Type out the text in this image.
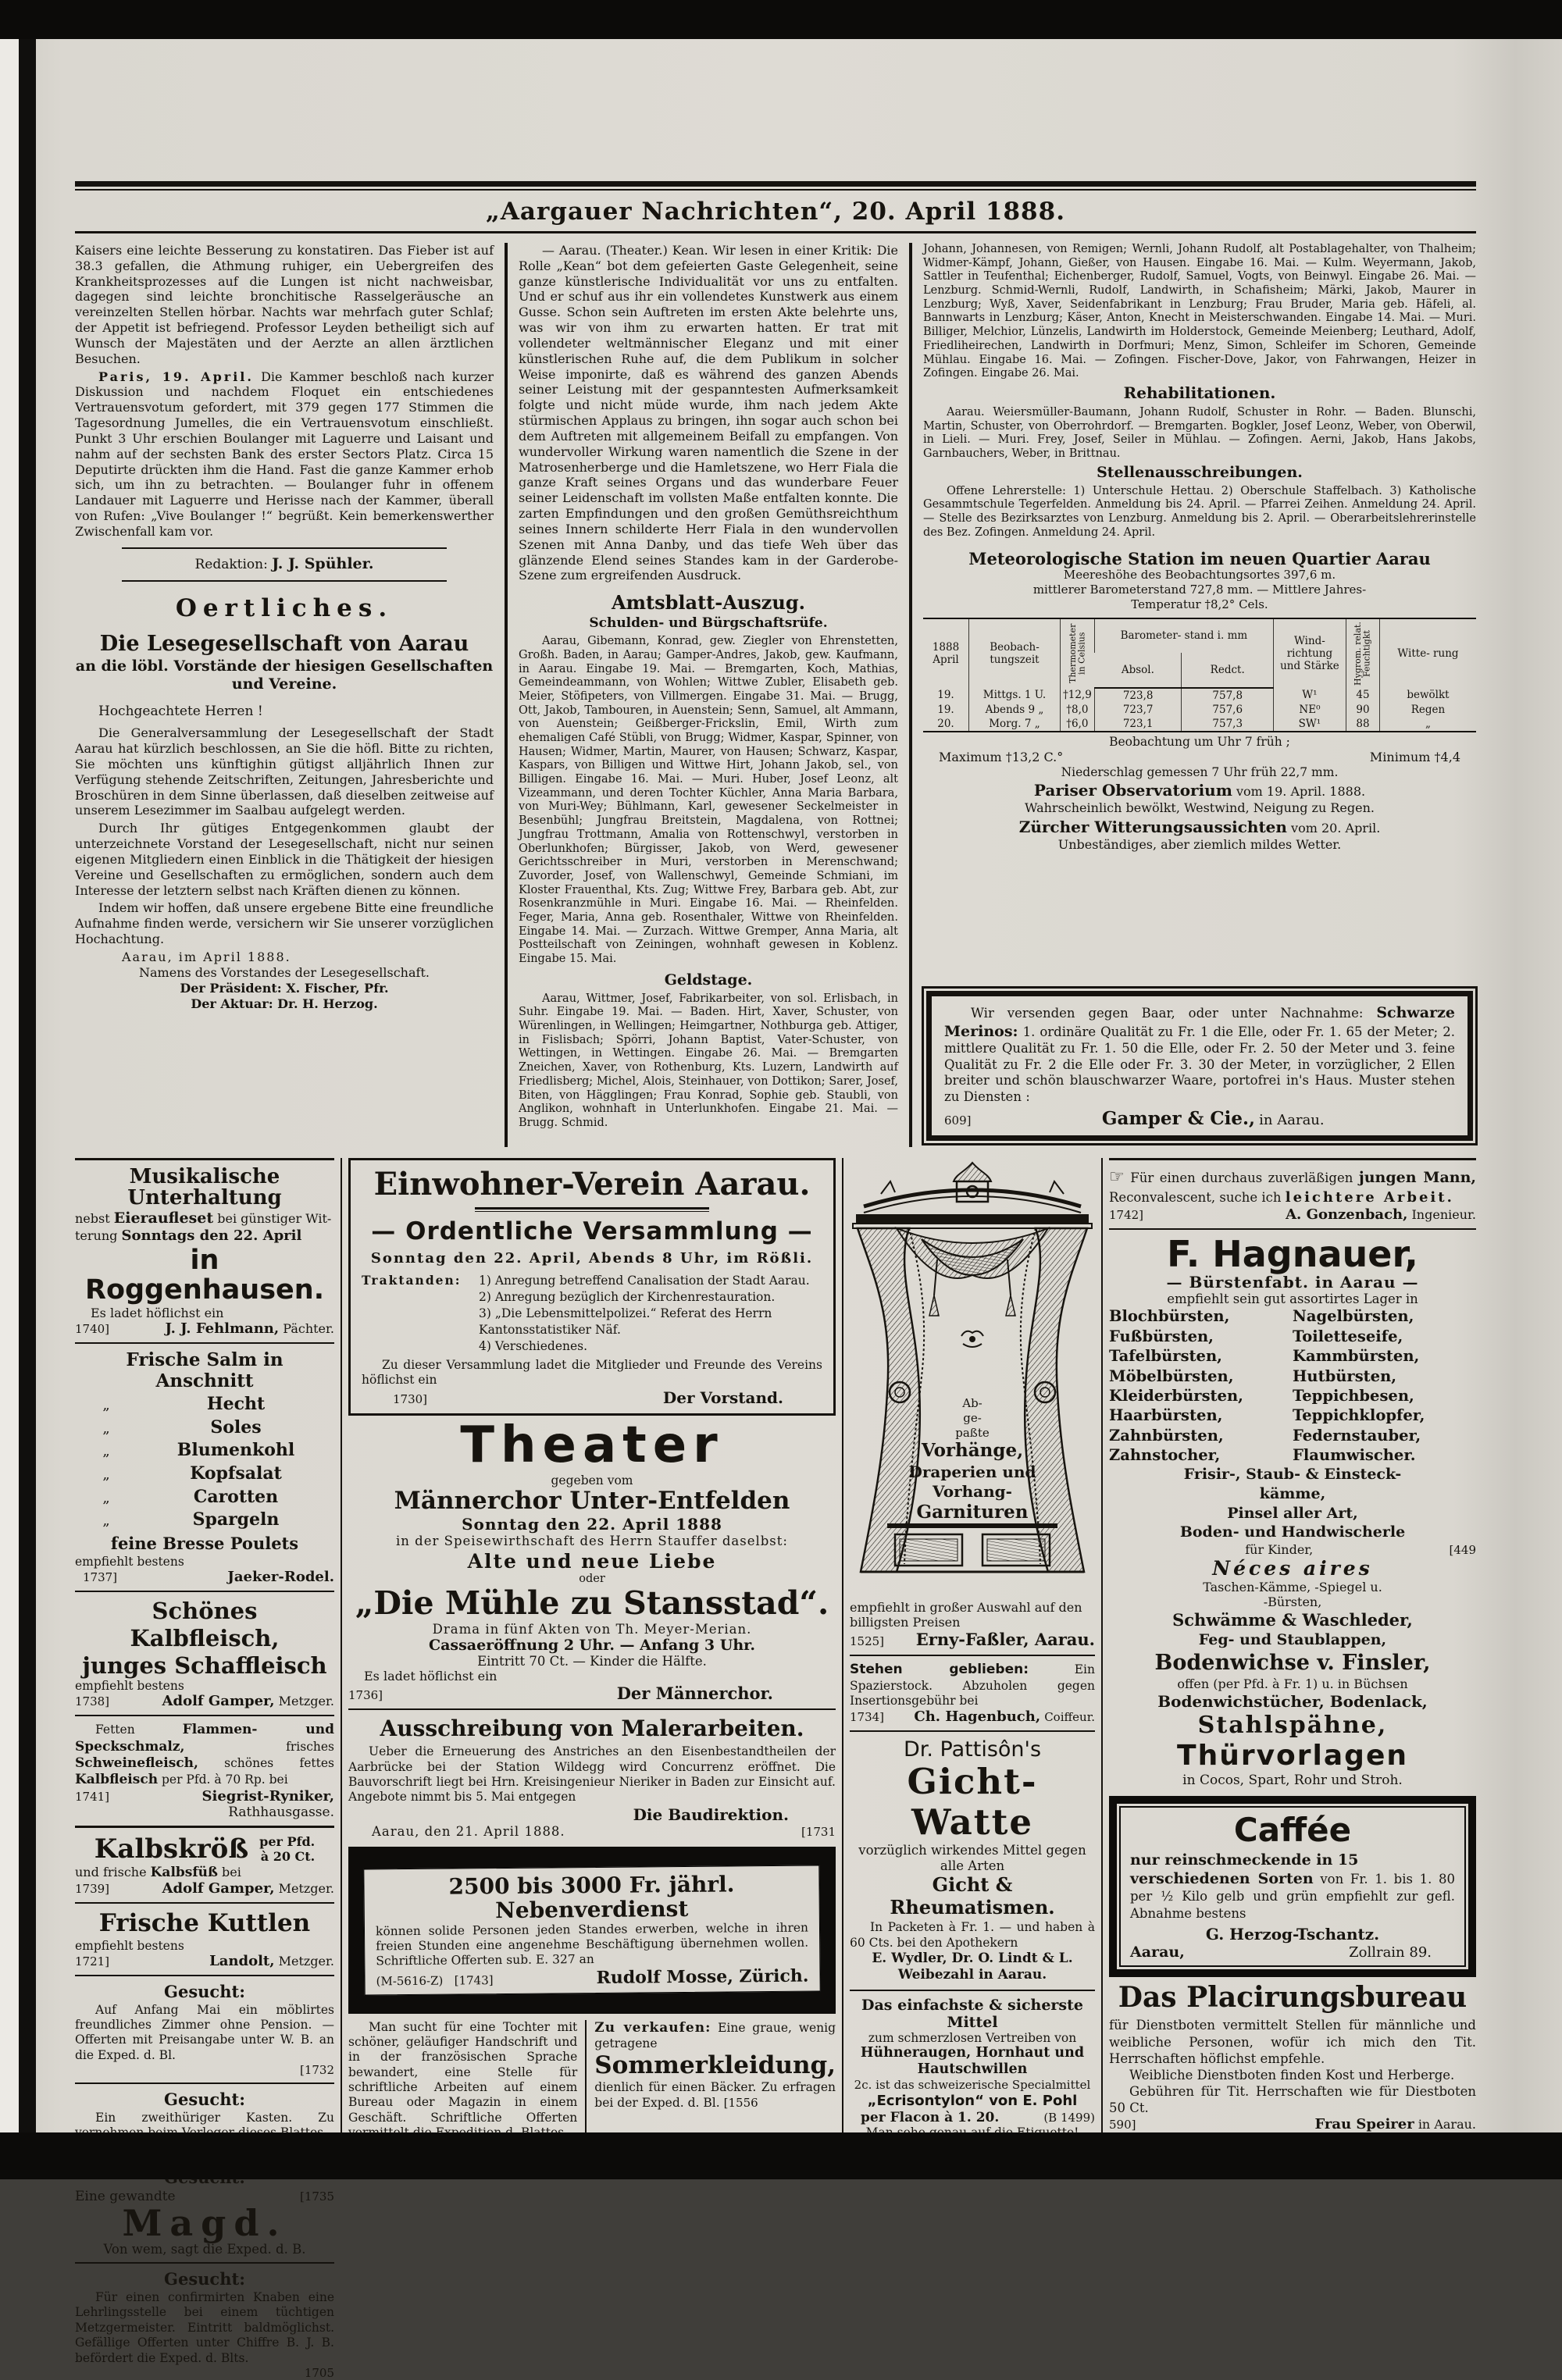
„Aargauer Nachrichten“, 20. April 1888.

Kaisers eine leichte Besserung zu konstatiren. Das Fieber ist auf 38.3 gefallen, die Athmung ruhiger, ein Uebergreifen des Krankheitsprozesses auf die Lungen ist nicht nachweisbar, dagegen sind leichte bronchitische Rasselgeräusche an vereinzelten Stellen hörbar. Nachts war mehrfach guter Schlaf; der Appetit ist befriegend. Professor Leyden betheiligt sich auf Wunsch der Majestäten und der Aerzte an allen ärztlichen Besuchen.

Paris, 19. April. Die Kammer beschloß nach kurzer Diskussion und nachdem Floquet ein entschiedenes Vertrauensvotum gefordert, mit 379 gegen 177 Stimmen die Tagesordnung Jumelles, die ein Vertrauensvotum einschließt. Punkt 3 Uhr erschien Boulanger mit Laguerre und Laisant und nahm auf der sechsten Bank des erster Sectors Platz. Circa 15 Deputirte drückten ihm die Hand. Fast die ganze Kammer erhob sich, um ihn zu betrachten. — Boulanger fuhr in offenem Landauer mit Laguerre und Herisse nach der Kammer, überall von Rufen: „Vive Boulanger !“ begrüßt. Kein bemerkenswerther Zwischenfall kam vor.

Redaktion: J. J. Spühler.
Oertliches.
Die Lesegesellschaft von Aarau
an die löbl. Vorstände der hiesigen Gesellschaften
und Vereine.
Hochgeachtete Herren !

Die Generalversammlung der Lesegesellschaft der Stadt Aarau hat kürzlich beschlossen, an Sie die höfl. Bitte zu richten, Sie möchten uns künftighin gütigst alljährlich Ihnen zur Verfügung stehende Zeitschriften, Zeitungen, Jahresberichte und Broschüren in dem Sinne überlassen, daß dieselben zeitweise auf unserem Lesezimmer im Saalbau aufgelegt werden.

Durch Ihr gütiges Entgegenkommen glaubt der unterzeichnete Vorstand der Lesegesellschaft, nicht nur seinen eigenen Mitgliedern einen Einblick in die Thätigkeit der hiesigen Vereine und Gesellschaften zu ermöglichen, sondern auch dem Interesse der letztern selbst nach Kräften dienen zu können.

Indem wir hoffen, daß unsere ergebene Bitte eine freundliche Aufnahme finden werde, versichern wir Sie unserer vorzüglichen Hochachtung.

Aarau, im April 1888.
Namens des Vorstandes der Lesegesellschaft.
Der Präsident: X. Fischer, Pfr.
Der Aktuar: Dr. H. Herzog.

— Aarau. (Theater.) Kean. Wir lesen in einer Kritik: Die Rolle „Kean“ bot dem gefeierten Gaste Gelegenheit, seine ganze künstlerische Individualität vor uns zu entfalten. Und er schuf aus ihr ein vollendetes Kunstwerk aus einem Gusse. Schon sein Auftreten im ersten Akte belehrte uns, was wir von ihm zu erwarten hatten. Er trat mit vollendeter weltmännischer Eleganz und mit einer künstlerischen Ruhe auf, die dem Publikum in solcher Weise imponirte, daß es während des ganzen Abends seiner Leistung mit der gespanntesten Aufmerksamkeit folgte und nicht müde wurde, ihm nach jedem Akte stürmischen Applaus zu bringen, ihn sogar auch schon bei dem Auftreten mit allgemeinem Beifall zu empfangen. Von wundervoller Wirkung waren namentlich die Szene in der Matrosenherberge und die Hamletszene, wo Herr Fiala die ganze Kraft seines Organs und das wunderbare Feuer seiner Leidenschaft im vollsten Maße entfalten konnte. Die zarten Empfindungen und den großen Gemüthsreichthum seines Innern schilderte Herr Fiala in den wundervollen Szenen mit Anna Danby, und das tiefe Weh über das glänzende Elend seines Standes kam in der Garderobe-Szene zum ergreifenden Ausdruck.

Amtsblatt-Auszug.
Schulden- und Bürgschaftsrüfe.

Aarau, Gibemann, Konrad, gew. Ziegler von Ehrenstetten, Großh. Baden, in Aarau; Gamper-Andres, Jakob, gew. Kaufmann, in Aarau. Eingabe 19. Mai. — Bremgarten, Koch, Mathias, Gemeindeammann, von Wohlen; Wittwe Zubler, Elisabeth geb. Meier, Stöfipeters, von Villmergen. Eingabe 31. Mai. — Brugg, Ott, Jakob, Tambouren, in Auenstein; Senn, Samuel, alt Ammann, von Auenstein; Geißberger-Frickslin, Emil, Wirth zum ehemaligen Café Stübli, von Brugg; Widmer, Kaspar, Spinner, von Hausen; Widmer, Martin, Maurer, von Hausen; Schwarz, Kaspar, Kaspars, von Billigen und Wittwe Hirt, Johann Jakob, sel., von Billigen. Eingabe 16. Mai. — Muri. Huber, Josef Leonz, alt Vizeammann, und deren Tochter Küchler, Anna Maria Barbara, von Muri-Wey; Bühlmann, Karl, gewesener Seckelmeister in Besenbühl; Jungfrau Breitstein, Magdalena, von Rottnei; Jungfrau Trottmann, Amalia von Rottenschwyl, verstorben in Oberlunkhofen; Bürgisser, Jakob, von Werd, gewesener Gerichtsschreiber in Muri, verstorben in Merenschwand; Zuvorder, Josef, von Wallenschwyl, Gemeinde Schmiani, im Kloster Frauenthal, Kts. Zug; Wittwe Frey, Barbara geb. Abt, zur Rosenkranzmühle in Muri. Eingabe 16. Mai. — Rheinfelden. Feger, Maria, Anna geb. Rosenthaler, Wittwe von Rheinfelden. Eingabe 14. Mai. — Zurzach. Wittwe Gremper, Anna Maria, alt Postteilschaft von Zeiningen, wohnhaft gewesen in Koblenz. Eingabe 15. Mai.

Geldstage.

Aarau, Wittmer, Josef, Fabrikarbeiter, von sol. Erlisbach, in Suhr. Eingabe 19. Mai. — Baden. Hirt, Xaver, Schuster, von Würenlingen, in Wellingen; Heimgartner, Nothburga geb. Attiger, in Fislisbach; Spörri, Johann Baptist, Vater-Schuster, von Wettingen, in Wettingen. Eingabe 26. Mai. — Bremgarten Zneichen, Xaver, von Rothenburg, Kts. Luzern, Landwirth auf Friedlisberg; Michel, Alois, Steinhauer, von Dottikon; Sarer, Josef, Biten, von Hägglingen; Frau Konrad, Sophie geb. Staubli, von Anglikon, wohnhaft in Unterlunkhofen. Eingabe 21. Mai. — Brugg. Schmid.

Johann, Johannesen, von Remigen; Wernli, Johann Rudolf, alt Postablagehalter, von Thalheim; Widmer-Kämpf, Johann, Gießer, von Hausen. Eingabe 16. Mai. — Kulm. Weyermann, Jakob, Sattler in Teufenthal; Eichenberger, Rudolf, Samuel, Vogts, von Beinwyl. Eingabe 26. Mai. — Lenzburg. Schmid-Wernli, Rudolf, Landwirth, in Schafisheim; Märki, Jakob, Maurer in Lenzburg; Wyß, Xaver, Seidenfabrikant in Lenzburg; Frau Bruder, Maria geb. Häfeli, al. Bannwarts in Lenzburg; Käser, Anton, Knecht in Meisterschwanden. Eingabe 14. Mai. — Muri. Billiger, Melchior, Lünzelis, Landwirth im Holderstock, Gemeinde Meienberg; Leuthard, Adolf, Friedliheirechen, Landwirth in Dorfmuri; Menz, Simon, Schleifer im Schoren, Gemeinde Mühlau. Eingabe 16. Mai. — Zofingen. Fischer-Dove, Jakor, von Fahrwangen, Heizer in Zofingen. Eingabe 26. Mai.

Rehabilitationen.

Aarau. Weiersmüller-Baumann, Johann Rudolf, Schuster in Rohr. — Baden. Blunschi, Martin, Schuster, von Oberrohrdorf. — Bremgarten. Bogkler, Josef Leonz, Weber, von Oberwil, in Lieli. — Muri. Frey, Josef, Seiler in Mühlau. — Zofingen. Aerni, Jakob, Hans Jakobs, Garnbauchers, Weber, in Brittnau.

Stellenausschreibungen.

Offene Lehrerstelle: 1) Unterschule Hettau. 2) Oberschule Staffelbach. 3) Katholische Gesammtschule Tegerfelden. Anmeldung bis 24. April. — Pfarrei Zeihen. Anmeldung 24. April. — Stelle des Bezirksarztes von Lenzburg. Anmeldung bis 2. April. — Oberarbeitslehrerinstelle des Bez. Zofingen. Anmeldung 24. April.

Meteorologische Station im neuen Quartier Aarau
Meereshöhe des Beobachtungsortes 397,6 m.
mittlerer Barometerstand 727,8 mm. — Mittlere Jahres-
Temperatur †8,2° Cels.
1888
April	Beobach- tungszeit	Thermometer in Celsius	Barometer- stand i. mm		Wind- richtung und Stärke	Hygrom. relat. Feuchtigkt	Witte- rung
			Absol.	Redct.			
19.	Mittgs. 1 U.	†12,9	723,8	757,8	W¹	45	bewölkt
19.	Abends 9 „	†8,0	723,7	757,6	NE⁰	90	Regen
20.	Morg. 7 „	†6,0	723,1	757,3	SW¹	88	„
Beobachtung um Uhr 7 früh ;
Maximum †13,2 C.°	Minimum †4,4
Niederschlag gemessen 7 Uhr früh 22,7 mm.
Pariser Observatorium vom 19. April. 1888.
Wahrscheinlich bewölkt, Westwind, Neigung zu Regen.
Zürcher Witterungsaussichten vom 20. April.
Unbeständiges, aber ziemlich mildes Wetter.

Wir versenden gegen Baar, oder unter Nachnahme: Schwarze Merinos: 1. ordinäre Qualität zu Fr. 1 die Elle, oder Fr. 1. 65 der Meter; 2. mittlere Qualität zu Fr. 1. 50 die Elle, oder Fr. 2. 50 der Meter und 3. feine Qualität zu Fr. 2 die Elle oder Fr. 3. 30 der Meter, in vorzüglicher, 2 Ellen breiter und schön blauschwarzer Waare, portofrei in's Haus. Muster stehen zu Diensten :

609]	Gamper & Cie., in Aarau.
Musikalische Unterhaltung
nebst Eieraufleset bei günstiger Wit-
terung Sonntags den 22. April
in Roggenhausen.
Es ladet höflichst ein
1740]	J. J. Fehlmann, Pächter.
Frische Salm in Anschnitt
„	Hecht
„	Soles
„	Blumenkohl
„	Kopfsalat
„	Carotten
„	Spargeln
feine Bresse Poulets
empfiehlt bestens
1737]	Jaeker-Rodel.
Schönes Kalbfleisch,
junges Schaffleisch
empfiehlt bestens
1738]	Adolf Gamper, Metzger.

Fetten Flammen- und Speckschmalz, frisches Schweinefleisch, schönes fettes Kalbfleisch per Pfd. à 70 Rp. bei

1741]	Siegrist-Ryniker,
Rathhausgasse.
Kalbskröß per Pfd.
à 20 Ct.
und frische Kalbsfüß bei
1739]	Adolf Gamper, Metzger.
Frische Kuttlen
empfiehlt bestens
1721]	Landolt, Metzger.
Gesucht:

Auf Anfang Mai ein möblirtes freundliches Zimmer ohne Pension. — Offerten mit Preisangabe unter W. B. an die Exped. d. Bl.

[1732
Gesucht:

Ein zweithüriger Kasten. Zu

Eine gewandte	[1735
Magd.
Von wem, sagt die Exped. d. B.
Gesucht:

Für einen confirmirten Knaben eine Lehrlingsstelle bei einem tüchtigen Metzgermeister. Eintritt baldmöglichst. Gefällige Offerten unter Chiffre B. J. B. befördert die Exped. d. Blts.

1705
Einwohner-Verein Aarau.
— Ordentliche Versammlung —
Sonntag den 22. April, Abends 8 Uhr, im Rößli.
Traktanden:	1) Anregung betreffend Canalisation der Stadt Aarau.
2) Anregung bezüglich der Kirchenrestauration.
3) „Die Lebensmittelpolizei.“ Referat des Herrn Kantonsstatistiker Näf.
4) Verschiedenes.

Zu dieser Versammlung ladet die Mitglieder und Freunde des Vereins höflichst ein

1730]	Der Vorstand.
Theater
gegeben vom
Männerchor Unter-Entfelden
Sonntag den 22. April 1888
in der Speisewirthschaft des Herrn Stauffer daselbst:
Alte und neue Liebe
oder
„Die Mühle zu Stansstad“.
Drama in fünf Akten von Th. Meyer-Merian.
Cassaeröffnung 2 Uhr. — Anfang 3 Uhr.
Eintritt 70 Ct. — Kinder die Hälfte.
Es ladet höflichst ein
1736]	Der Männerchor.
Ausschreibung von Malerarbeiten.

Ueber die Erneuerung des Anstriches an den Eisenbestandtheilen der Aarbrücke bei der Station Wildegg wird Concurrenz eröffnet. Die Bauvorschrift liegt bei Hrn. Kreisingenieur Nieriker in Baden zur Einsicht auf. Angebote nimmt bis 5. Mai entgegen

Die Baudirektion.
Aarau, den 21. April 1888.	[1731
2500 bis 3000 Fr. jährl. Nebenverdienst

können solide Personen jeden Standes erwerben, welche in ihren freien Stunden eine angenehme Beschäftigung übernehmen wollen. Schriftliche Offerten sub. E. 327 an

(M-5616-Z) [1743]	Rudolf Mosse, Zürich.

Man sucht für eine Tochter mit schöner, geläufiger Handschrift und in der französischen Sprache bewandert, eine Stelle für schriftliche Arbeiten auf einem Bureau oder Magazin in einem Geschäft. Schriftliche Offerten

Zu verkaufen: Eine graue, wenig getragene

Sommerkleidung,

dienlich für einen Bäcker. Zu erfragen bei der Exped. d. Bl. [1556

Ab-
ge-
paßte
Vorhänge,
Draperien und
Vorhang-
Garnituren
empfiehlt in großer Auswahl auf den billigsten Preisen
1525] Erny-Faßler, Aarau.

Stehen geblieben: Ein Spazierstock. Abzuholen gegen Insertionsgebühr bei

1734] Ch. Hagenbuch, Coiffeur.
Dr. Pattisôn's
Gicht-Watte
vorzüglich wirkendes Mittel gegen
alle Arten
Gicht & Rheumatismen.

In Packeten à Fr. 1. — und haben à 60 Cts. bei den Apothekern

E. Wydler, Dr. O. Lindt & L.
Weibezahl in Aarau.
Das einfachste & sicherste Mittel
zum schmerzlosen Vertreiben von
Hühneraugen, Hornhaut und
Hautschwillen
2c. ist das schweizerische Specialmittel
„Ecrisontylon“ von E. Pohl
per Flacon à 1. 20.	(B 1499)

☞ Für einen durchaus zuverläßigen jungen Mann, Reconvalescent, suche ich leichtere Arbeit.

1742]	A. Gonzenbach, Ingenieur.
F. Hagnauer,
— Bürstenfabt. in Aarau —
empfiehlt sein gut assortirtes Lager in
Blochbürsten,
Fußbürsten,
Tafelbürsten,
Möbelbürsten,
Kleiderbürsten,
Haarbürsten,
Zahnbürsten,
Zahnstocher,
Nagelbürsten,
Toiletteseife,
Kammbürsten,
Hutbürsten,
Teppichbesen,
Teppichklopfer,
Federnstauber,
Flaumwischer.
Frisir-, Staub- & Einsteck-
kämme,
Pinsel aller Art,
Boden- und Handwischerle
für Kinder,	[449
Néces aires
Taschen-Kämme, -Spiegel u.
-Bürsten,
Schwämme & Waschleder,
Feg- und Staublappen,
Bodenwichse v. Finsler,
offen (per Pfd. à Fr. 1) u. in Büchsen
Bodenwichstücher, Bodenlack,
Stahlspähne,
Thürvorlagen
in Cocos, Spart, Rohr und Stroh.
Caffée

nur reinschmeckende in 15
verschiedenen Sorten von Fr. 1. bis 1. 80 per ½ Kilo gelb und grün empfiehlt zur gefl. Abnahme bestens

G. Herzog-Tschantz.
Aarau,	Zollrain 89.
Das Placirungsbureau

für Dienstboten vermittelt Stellen für männliche und weibliche Personen, wofür ich mich den Tit. Herrschaften höflichst empfehle.

Weibliche Dienstboten finden Kost und Herberge.

Gebühren für Tit. Herrschaften wie für Diestboten 50 Ct.

590]	Frau Speirer in Aarau.
